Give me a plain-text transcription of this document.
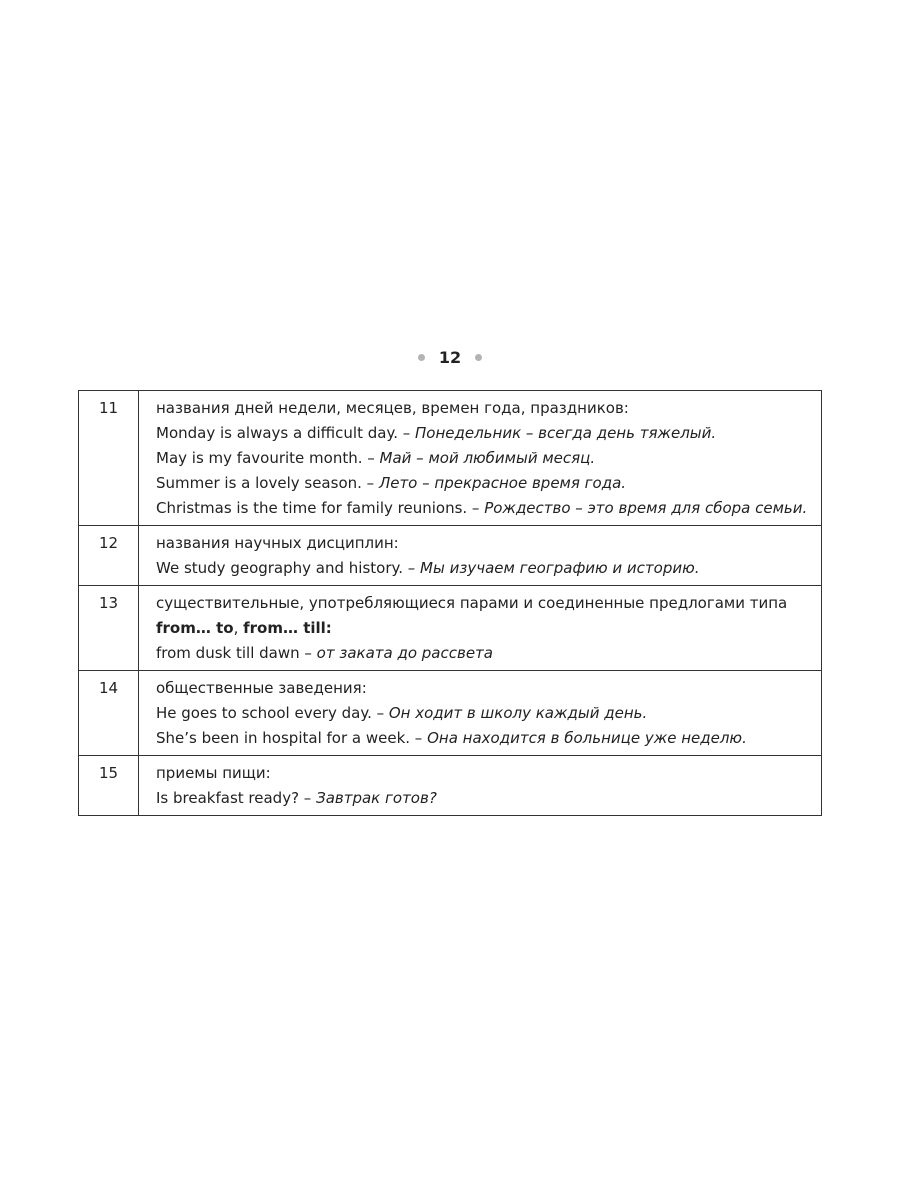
12
11	названия дней недели, месяцев, времен года, праздников:
Monday is always a difficult day. – Понедельник – всегда день тяжелый.
May is my favourite month. – Май – мой любимый месяц.
Summer is a lovely season. – Лето – прекрасное время года.
Christmas is the time for family reunions. – Рождество – это время для сбора семьи.

12	названия научных дисциплин:
We study geography and history. – Мы изучаем географию и историю.

13	существительные, употребляющиеся парами и соединенные предлогами типа
from… to, from… till:
from dusk till dawn – от заката до рассвета

14	общественные заведения:
He goes to school every day. – Он ходит в школу каждый день.
She’s been in hospital for a week. – Она находится в больнице уже неделю.

15	приемы пищи:
Is breakfast ready? – Завтрак готов?
